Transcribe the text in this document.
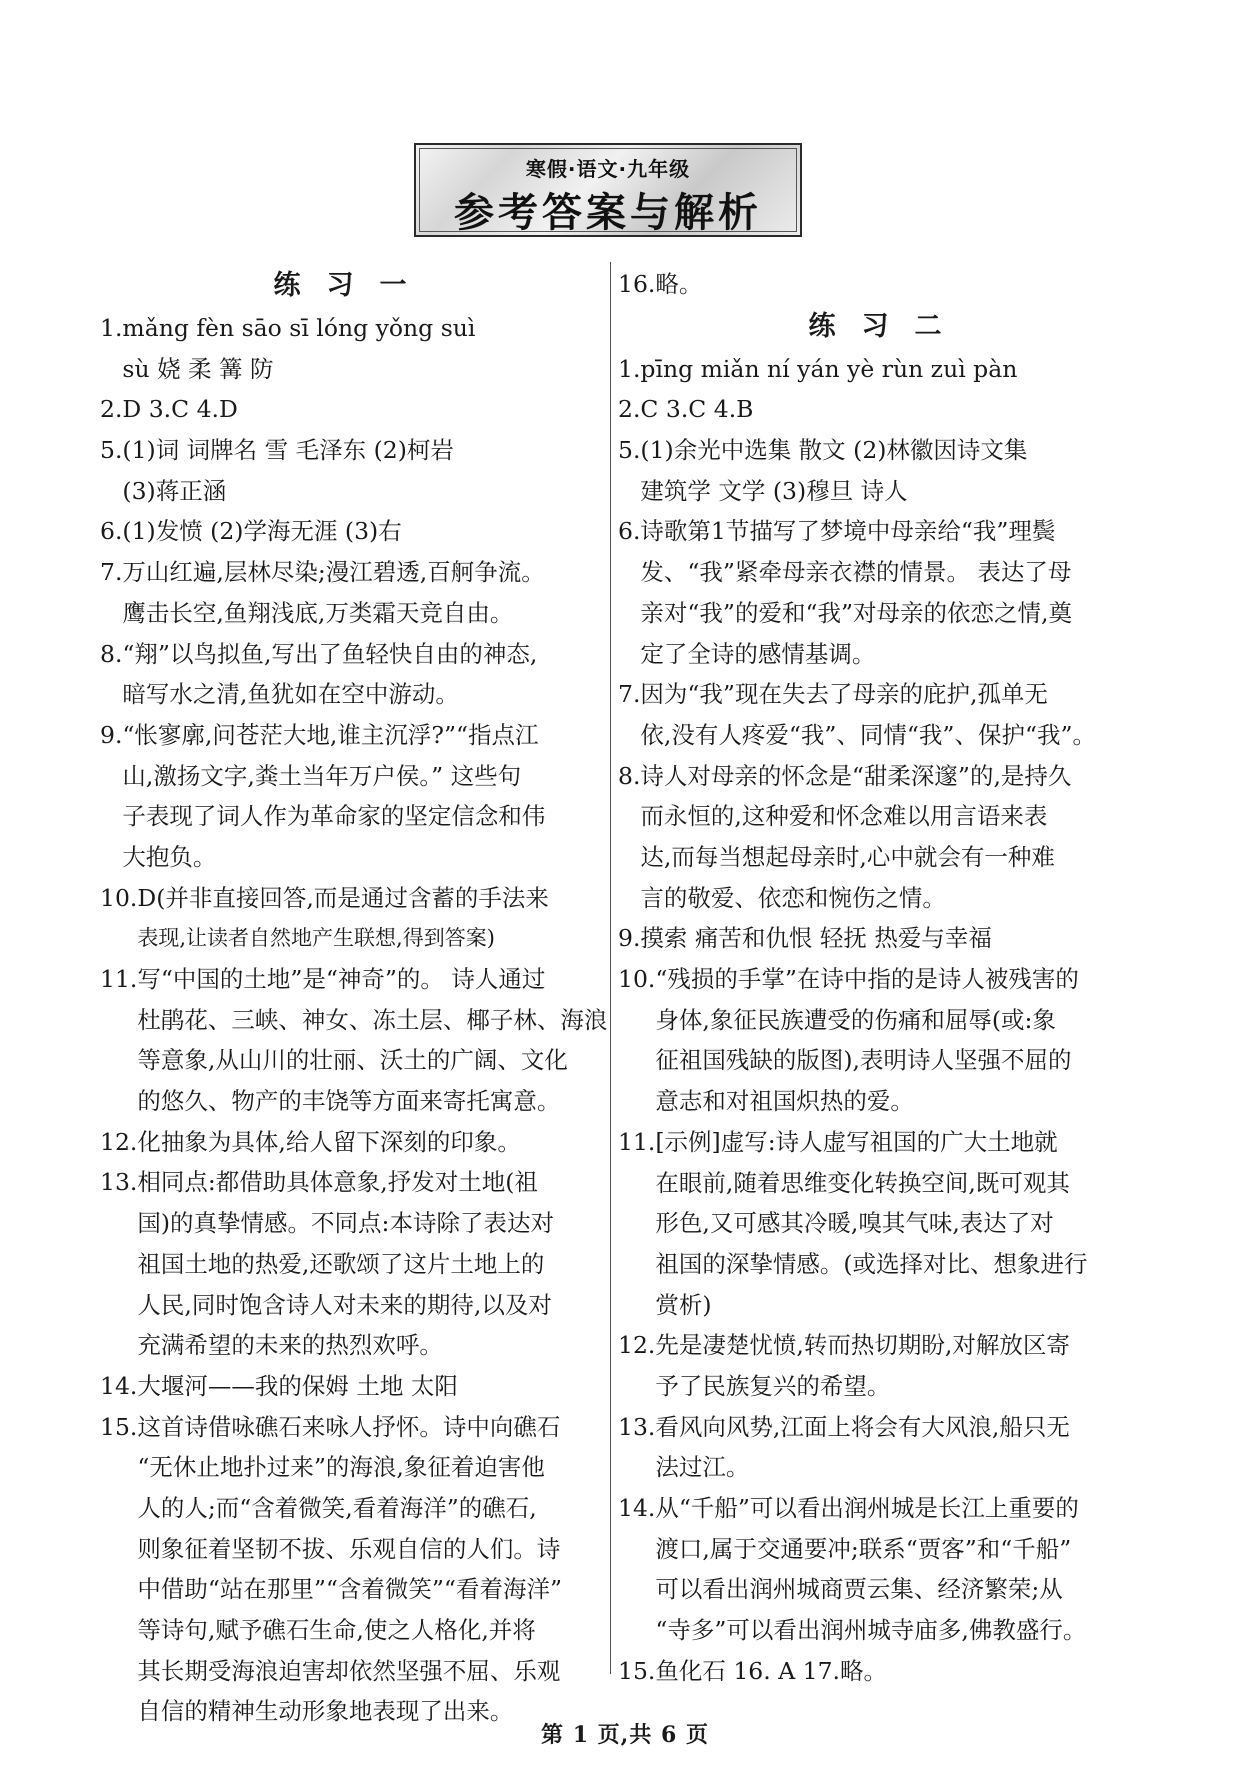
寒假·语文·九年级
参考答案与解析
练习一
1. mǎng fèn sāo sī lóng yǒng suì
sù 娆 柔 篝 防
2. D 3.C 4.D
5. (1)词 词牌名 雪 毛泽东 (2)柯岩
(3)蒋正涵
6. (1)发愤 (2)学海无涯 (3)右
7. 万山红遍,层林尽染;漫江碧透,百舸争流。
鹰击长空,鱼翔浅底,万类霜天竞自由。
8. “翔”以鸟拟鱼,写出了鱼轻快自由的神态,
暗写水之清,鱼犹如在空中游动。
9. “怅寥廓,问苍茫大地,谁主沉浮?”“指点江
山,激扬文字,粪土当年万户侯。” 这些句
子表现了词人作为革命家的坚定信念和伟
大抱负。
10. D(并非直接回答,而是通过含蓄的手法来
表现,让读者自然地产生联想,得到答案)
11. 写“中国的土地”是“神奇”的。 诗人通过
杜鹃花、三峡、神女、冻土层、椰子林、海浪
等意象,从山川的壮丽、沃土的广阔、文化
的悠久、物产的丰饶等方面来寄托寓意。
12. 化抽象为具体,给人留下深刻的印象。
13. 相同点:都借助具体意象,抒发对土地(祖
国)的真挚情感。不同点:本诗除了表达对
祖国土地的热爱,还歌颂了这片土地上的
人民,同时饱含诗人对未来的期待,以及对
充满希望的未来的热烈欢呼。
14. 大堰河——我的保姆 土地 太阳
15. 这首诗借咏礁石来咏人抒怀。诗中向礁石
“无休止地扑过来”的海浪,象征着迫害他
人的人;而“含着微笑,看着海洋”的礁石,
则象征着坚韧不拔、乐观自信的人们。诗
中借助“站在那里”“含着微笑”“看着海洋”
等诗句,赋予礁石生命,使之人格化,并将
其长期受海浪迫害却依然坚强不屈、乐观
自信的精神生动形象地表现了出来。
16. 略。
练习二
1. pīng miǎn ní yán yè rùn zuì pàn
2. C 3.C 4.B
5. (1)余光中选集 散文 (2)林徽因诗文集
建筑学 文学 (3)穆旦 诗人
6. 诗歌第1节描写了梦境中母亲给“我”理鬓
发、“我”紧牵母亲衣襟的情景。 表达了母
亲对“我”的爱和“我”对母亲的依恋之情,奠
定了全诗的感情基调。
7. 因为“我”现在失去了母亲的庇护,孤单无
依,没有人疼爱“我”、同情“我”、保护“我”。
8. 诗人对母亲的怀念是“甜柔深邃”的,是持久
而永恒的,这种爱和怀念难以用言语来表
达,而每当想起母亲时,心中就会有一种难
言的敬爱、依恋和惋伤之情。
9. 摸索 痛苦和仇恨 轻抚 热爱与幸福
10. “残损的手掌”在诗中指的是诗人被残害的
身体,象征民族遭受的伤痛和屈辱(或:象
征祖国残缺的版图),表明诗人坚强不屈的
意志和对祖国炽热的爱。
11. [示例]虚写:诗人虚写祖国的广大土地就
在眼前,随着思维变化转换空间,既可观其
形色,又可感其冷暖,嗅其气味,表达了对
祖国的深挚情感。(或选择对比、想象进行
赏析)
12. 先是凄楚忧愤,转而热切期盼,对解放区寄
予了民族复兴的希望。
13. 看风向风势,江面上将会有大风浪,船只无
法过江。
14. 从“千船”可以看出润州城是长江上重要的
渡口,属于交通要冲;联系“贾客”和“千船”
可以看出润州城商贾云集、经济繁荣;从
“寺多”可以看出润州城寺庙多,佛教盛行。
15. 鱼化石 16. A 17.略。
第 1 页,共 6 页
